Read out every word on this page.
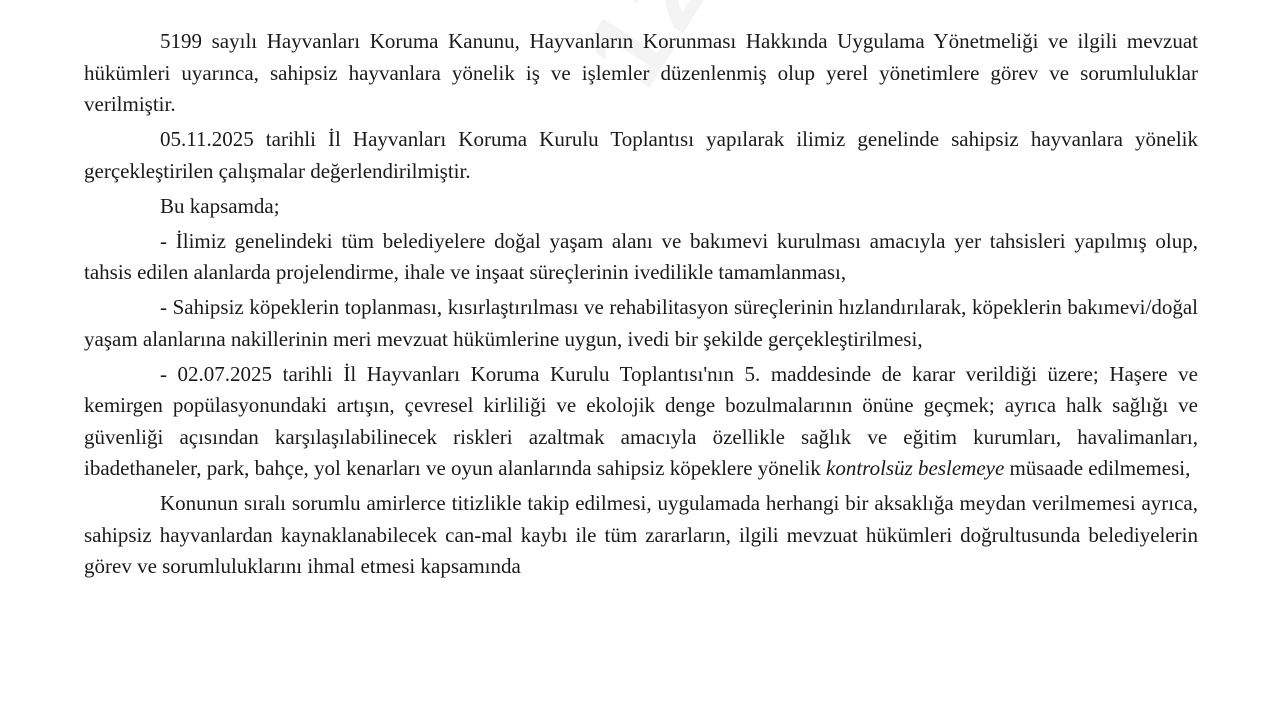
5199 sayılı Hayvanları Koruma Kanunu, Hayvanların Korunması Hakkında Uygulama Yönetmeliği ve ilgili mevzuat hükümleri uyarınca, sahipsiz hayvanlara yönelik iş ve işlemler düzenlenmiş olup yerel yönetimlere görev ve sorumluluklar verilmiştir.

05.11.2025 tarihli İl Hayvanları Koruma Kurulu Toplantısı yapılarak ilimiz genelinde sahipsiz hayvanlara yönelik gerçekleştirilen çalışmalar değerlendirilmiştir.

Bu kapsamda;

- İlimiz genelindeki tüm belediyelere doğal yaşam alanı ve bakımevi kurulması amacıyla yer tahsisleri yapılmış olup, tahsis edilen alanlarda projelendirme, ihale ve inşaat süreçlerinin ivedilikle tamamlanması,

- Sahipsiz köpeklerin toplanması, kısırlaştırılması ve rehabilitasyon süreçlerinin hızlandırılarak, köpeklerin bakımevi/doğal yaşam alanlarına nakillerinin meri mevzuat hükümlerine uygun, ivedi bir şekilde gerçekleştirilmesi,

- 02.07.2025 tarihli İl Hayvanları Koruma Kurulu Toplantısı'nın 5. maddesinde de karar verildiği üzere; Haşere ve kemirgen popülasyonundaki artışın, çevresel kirliliği ve ekolojik denge bozulmalarının önüne geçmek; ayrıca halk sağlığı ve güvenliği açısından karşılaşılabilinecek riskleri azaltmak amacıyla özellikle sağlık ve eğitim kurumları, havalimanları, ibadethaneler, park, bahçe, yol kenarları ve oyun alanlarında sahipsiz köpeklere yönelik kontrolsüz beslemeye müsaade edilmemesi,

Konunun sıralı sorumlu amirlerce titizlikle takip edilmesi, uygulamada herhangi bir aksaklığa meydan verilmemesi ayrıca, sahipsiz hayvanlardan kaynaklanabilecek can-mal kaybı ile tüm zararların, ilgili mevzuat hükümleri doğrultusunda belediyelerin görev ve sorumluluklarını ihmal etmesi kapsamında
